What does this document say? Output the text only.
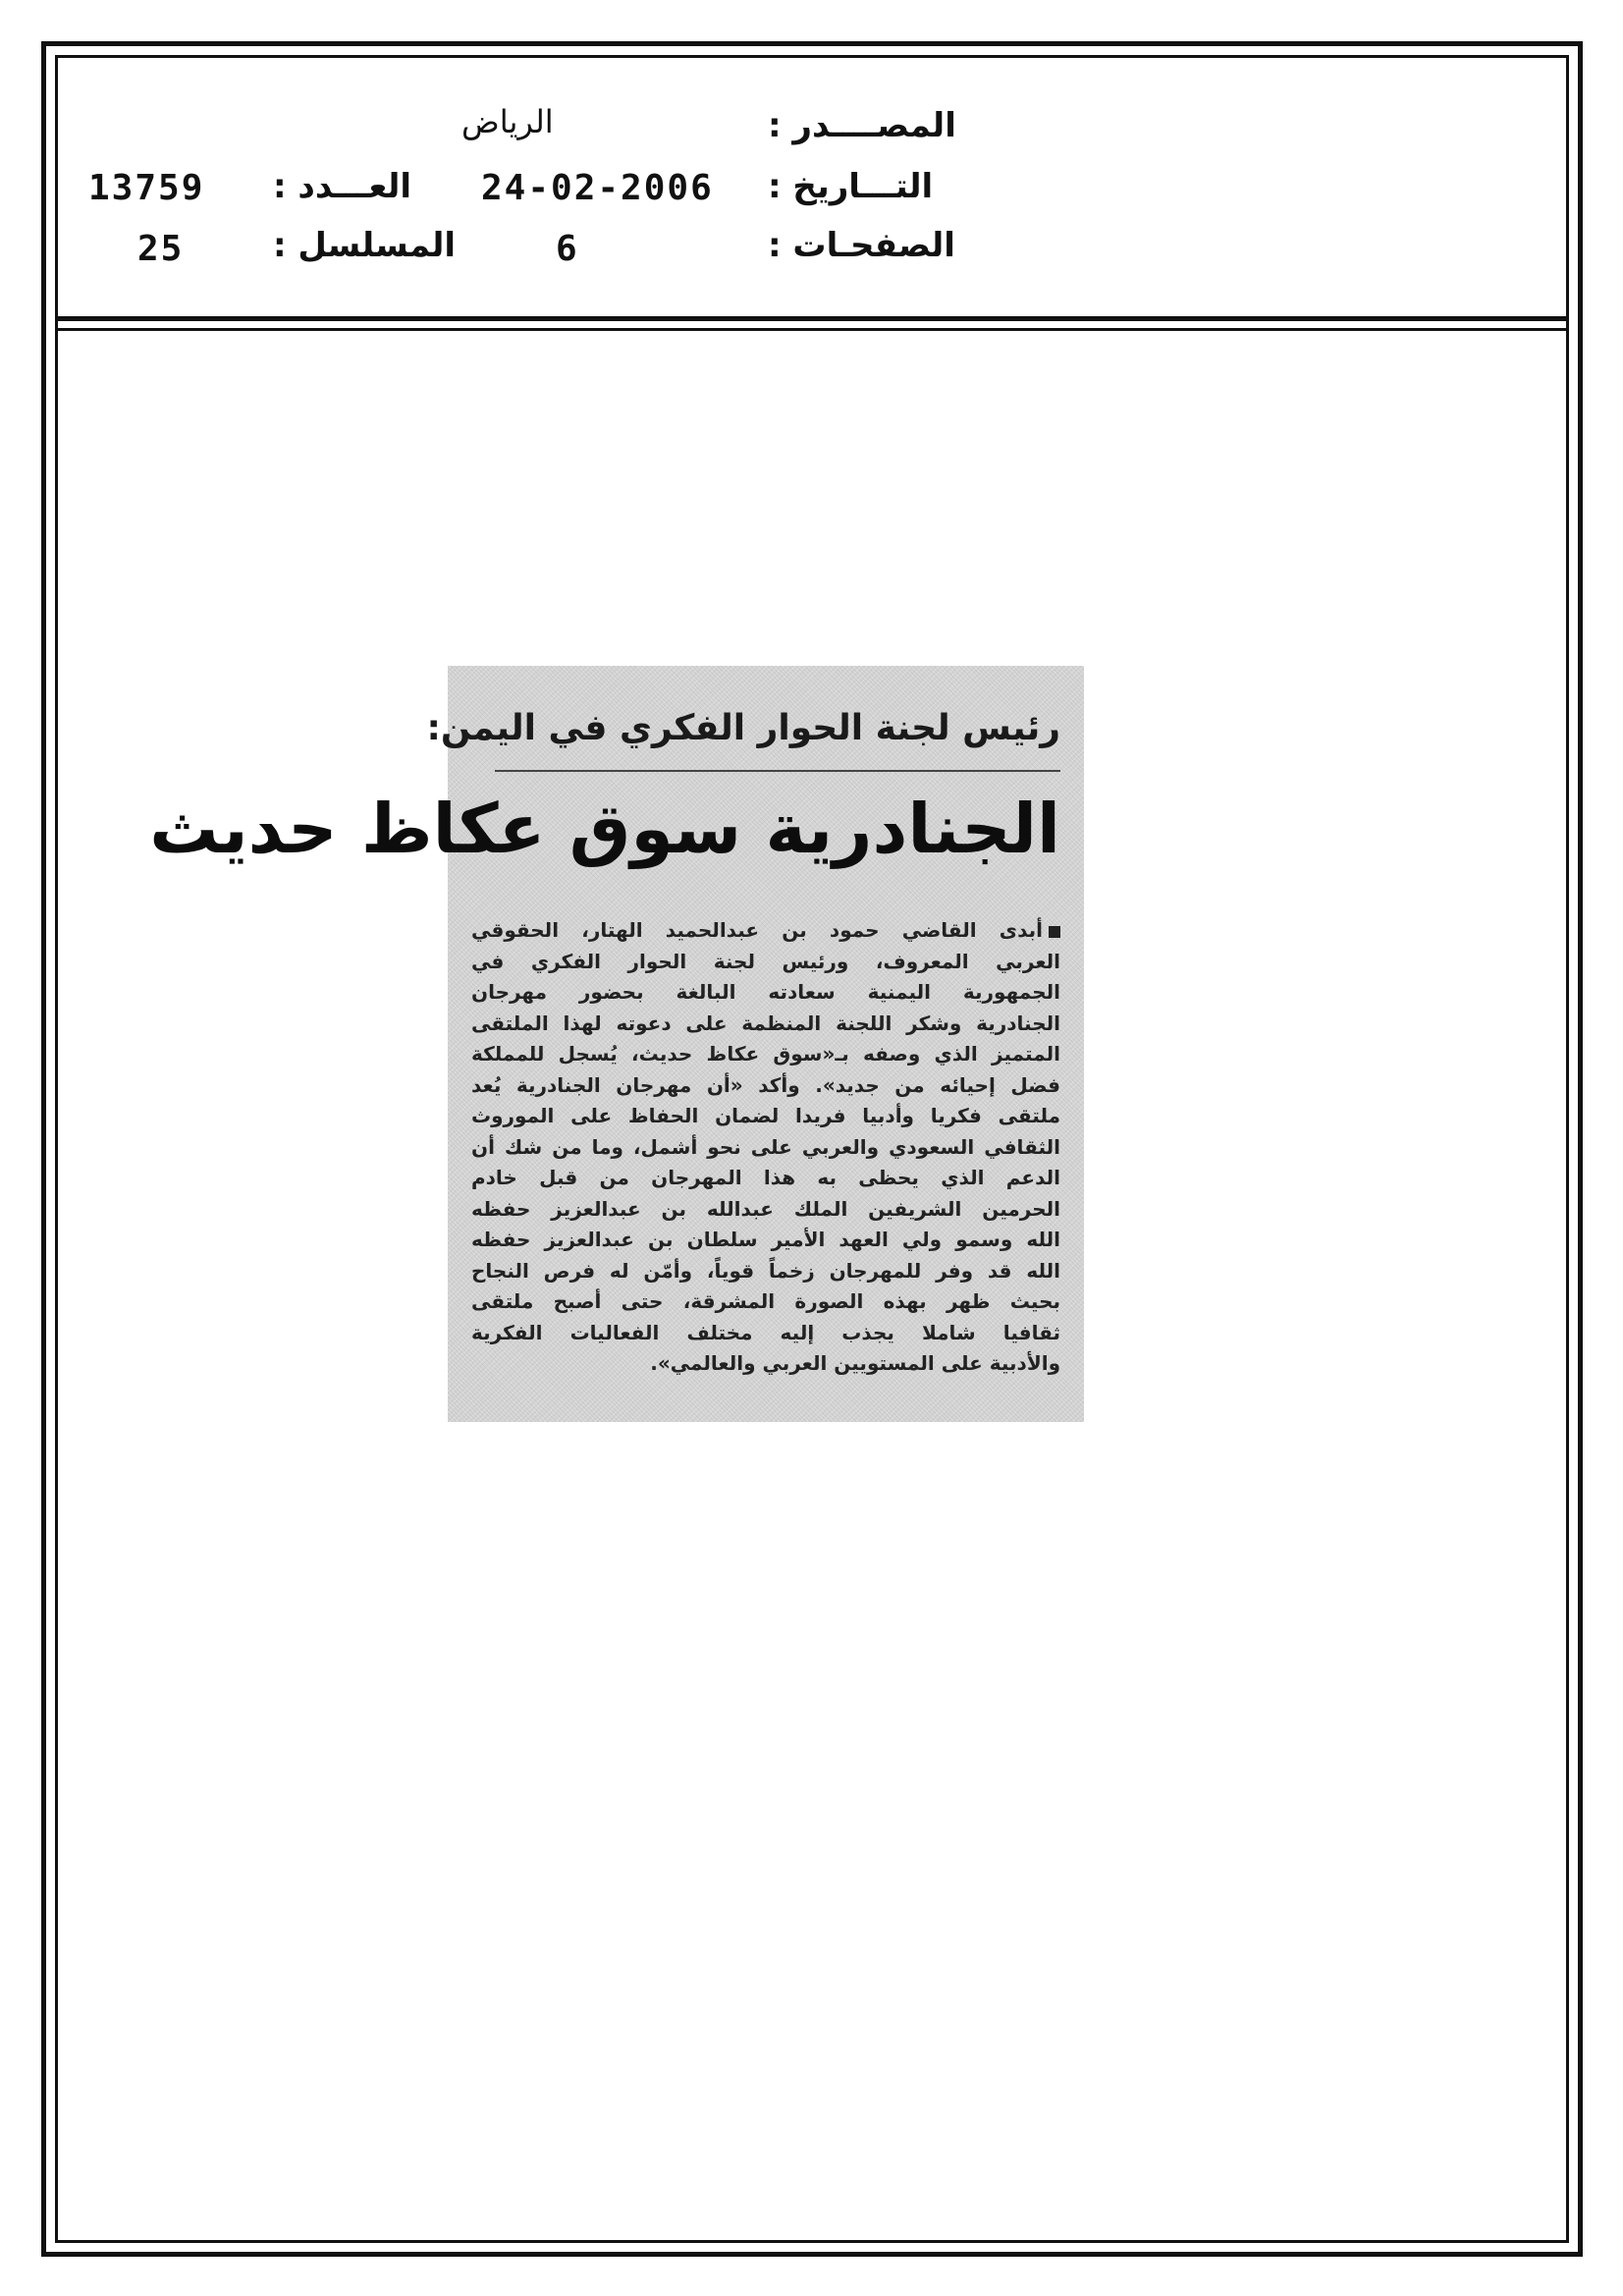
المصــــدر :
الرياض
التـــاريخ :
24-02-2006
العـــدد :
13759
الصفحـات :
6
المسلسل :
25
رئيس لجنة الحوار الفكري في اليمن:
الجنادرية سوق عكاظ حديث
أبدى القاضي حمود بن عبدالحميد الهتار، الحقوقي
العربي المعروف، ورئيس لجنة الحوار الفكري في
الجمهورية اليمنية سعادته البالغة بحضور مهرجان
الجنادرية وشكر اللجنة المنظمة على دعوته لهذا الملتقى
المتميز الذي وصفه بـ«سوق عكاظ حديث، يُسجل للمملكة
فضل إحيائه من جديد». وأكد «أن مهرجان الجنادرية يُعد
ملتقى فكريا وأدبيا فريدا لضمان الحفاظ على الموروث
الثقافي السعودي والعربي على نحو أشمل، وما من شك أن
الدعم الذي يحظى به هذا المهرجان من قبل خادم
الحرمين الشريفين الملك عبدالله بن عبدالعزيز حفظه
الله وسمو ولي العهد الأمير سلطان بن عبدالعزيز حفظه
الله قد وفر للمهرجان زخماً قوياً، وأمّن له فرص النجاح
بحيث ظهر بهذه الصورة المشرقة، حتى أصبح ملتقى
ثقافيا شاملا يجذب إليه مختلف الفعاليات الفكرية
والأدبية على المستويين العربي والعالمي».
